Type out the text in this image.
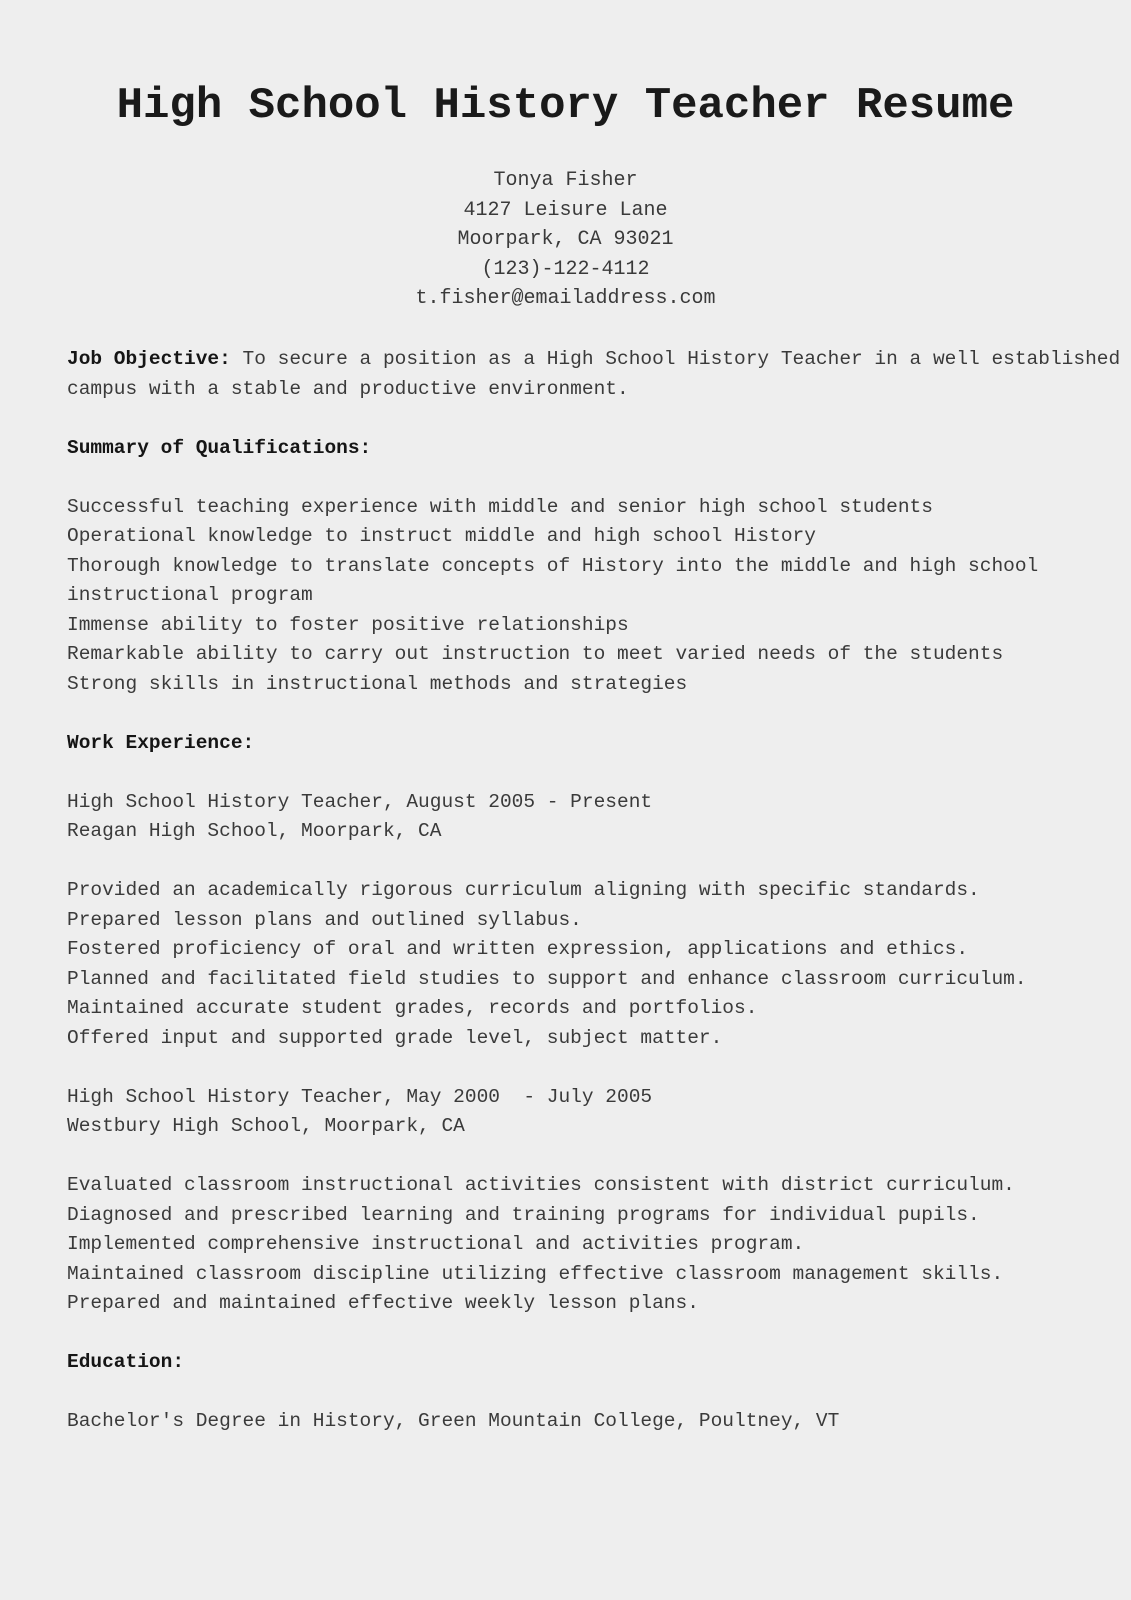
High School History Teacher Resume
Tonya Fisher
4127 Leisure Lane
Moorpark, CA 93021
(123)-122-4112
t.fisher@emailaddress.com
Job Objective: To secure a position as a High School History Teacher in a well established
campus with a stable and productive environment.
Summary of Qualifications:
Successful teaching experience with middle and senior high school students
Operational knowledge to instruct middle and high school History
Thorough knowledge to translate concepts of History into the middle and high school
instructional program
Immense ability to foster positive relationships
Remarkable ability to carry out instruction to meet varied needs of the students
Strong skills in instructional methods and strategies
Work Experience:
High School History Teacher, August 2005 - Present
Reagan High School, Moorpark, CA
Provided an academically rigorous curriculum aligning with specific standards.
Prepared lesson plans and outlined syllabus.
Fostered proficiency of oral and written expression, applications and ethics.
Planned and facilitated field studies to support and enhance classroom curriculum.
Maintained accurate student grades, records and portfolios.
Offered input and supported grade level, subject matter.
High School History Teacher, May 2000  - July 2005
Westbury High School, Moorpark, CA
Evaluated classroom instructional activities consistent with district curriculum.
Diagnosed and prescribed learning and training programs for individual pupils.
Implemented comprehensive instructional and activities program.
Maintained classroom discipline utilizing effective classroom management skills.
Prepared and maintained effective weekly lesson plans.
Education:
Bachelor's Degree in History, Green Mountain College, Poultney, VT
